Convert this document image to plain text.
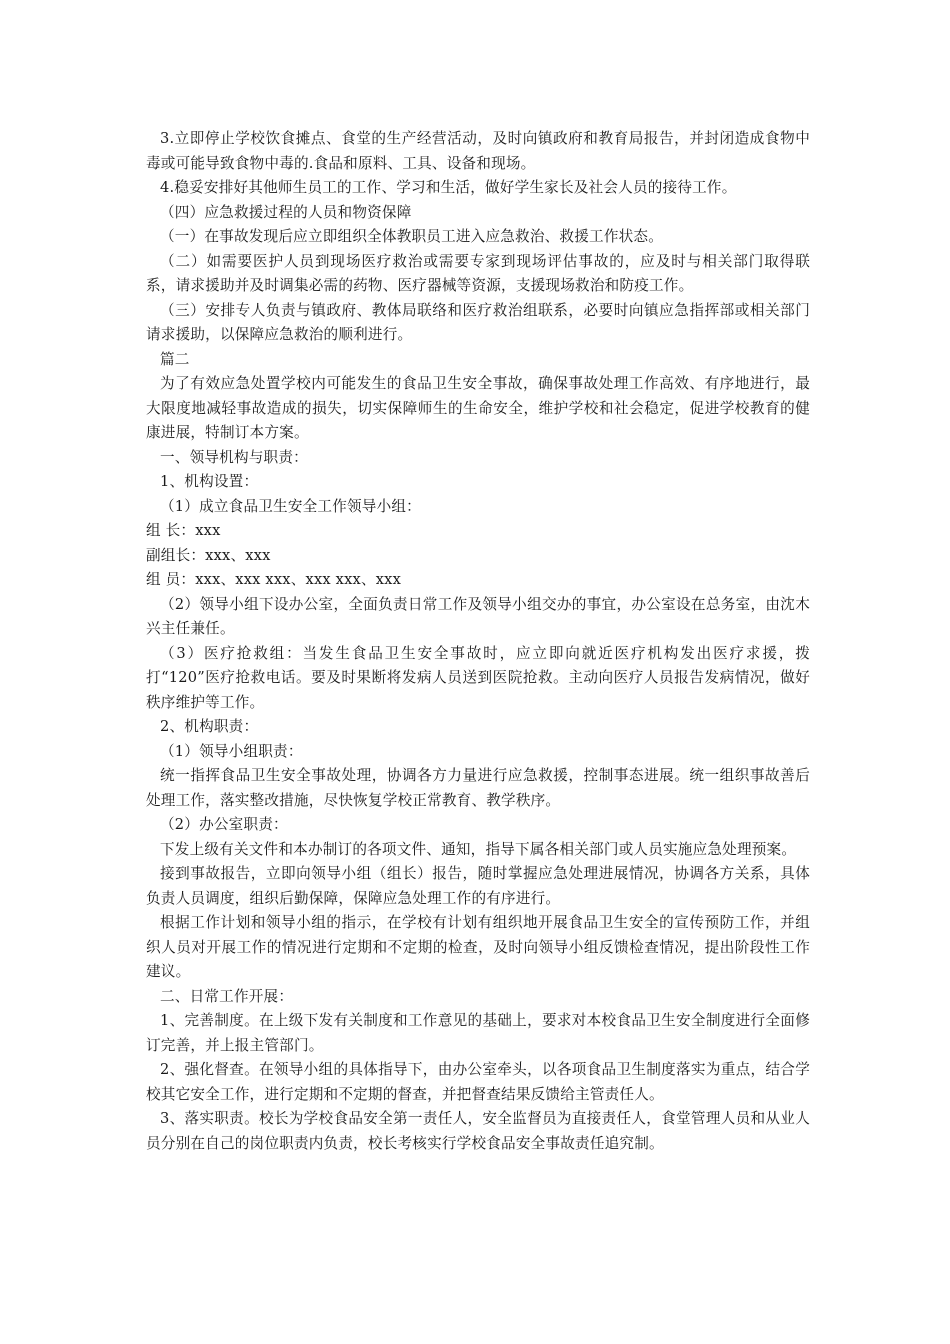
3.立即停止学校饮食摊点、食堂的生产经营活动，及时向镇政府和教育局报告，并封闭造成食物中毒或可能导致食物中毒的.食品和原料、工具、设备和现场。

4.稳妥安排好其他师生员工的工作、学习和生活，做好学生家长及社会人员的接待工作。

（四）应急救援过程的人员和物资保障

（一）在事故发现后应立即组织全体教职员工进入应急救治、救援工作状态。

（二）如需要医护人员到现场医疗救治或需要专家到现场评估事故的，应及时与相关部门取得联系，请求援助并及时调集必需的药物、医疗器械等资源，支援现场救治和防疫工作。

（三）安排专人负责与镇政府、教体局联络和医疗救治组联系，必要时向镇应急指挥部或相关部门请求援助，以保障应急救治的顺利进行。

篇二

为了有效应急处置学校内可能发生的食品卫生安全事故，确保事故处理工作高效、有序地进行，最大限度地减轻事故造成的损失，切实保障师生的生命安全，维护学校和社会稳定，促进学校教育的健康进展，特制订本方案。

一、领导机构与职责：

1、机构设置：

（1）成立食品卫生安全工作领导小组：

组 长：xxx

副组长：xxx、xxx

组 员：xxx、xxx xxx、xxx xxx、xxx

（2）领导小组下设办公室，全面负责日常工作及领导小组交办的事宜，办公室设在总务室，由沈木兴主任兼任。

（3）医疗抢救组：当发生食品卫生安全事故时，应立即向就近医疗机构发出医疗求援，拨打“120”医疗抢救电话。要及时果断将发病人员送到医院抢救。主动向医疗人员报告发病情况，做好秩序维护等工作。

2、机构职责：

（1）领导小组职责：

统一指挥食品卫生安全事故处理，协调各方力量进行应急救援，控制事态进展。统一组织事故善后处理工作，落实整改措施，尽快恢复学校正常教育、教学秩序。

（2）办公室职责：

下发上级有关文件和本办制订的各项文件、通知，指导下属各相关部门或人员实施应急处理预案。

接到事故报告，立即向领导小组（组长）报告，随时掌握应急处理进展情况，协调各方关系，具体负责人员调度，组织后勤保障，保障应急处理工作的有序进行。

根据工作计划和领导小组的指示，在学校有计划有组织地开展食品卫生安全的宣传预防工作，并组织人员对开展工作的情况进行定期和不定期的检查，及时向领导小组反馈检查情况，提出阶段性工作建议。

二、日常工作开展：

1、完善制度。在上级下发有关制度和工作意见的基础上，要求对本校食品卫生安全制度进行全面修订完善，并上报主管部门。

2、强化督查。在领导小组的具体指导下，由办公室牵头，以各项食品卫生制度落实为重点，结合学校其它安全工作，进行定期和不定期的督查，并把督查结果反馈给主管责任人。

3、落实职责。校长为学校食品安全第一责任人，安全监督员为直接责任人，食堂管理人员和从业人员分别在自己的岗位职责内负责，校长考核实行学校食品安全事故责任追究制。
